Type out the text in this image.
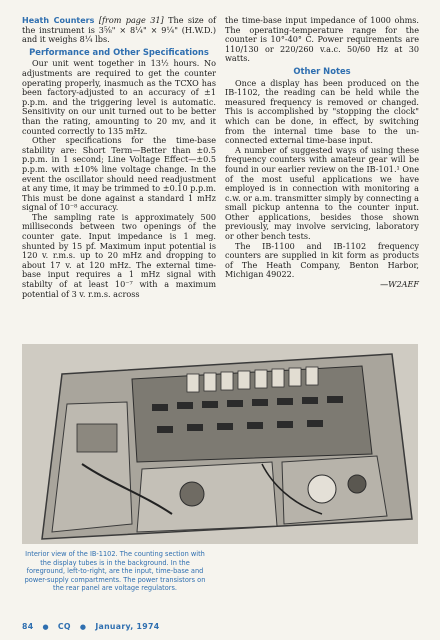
Heath Counters [from page 31] The size of the instrument is 3⅝" × 8¼" × 9¼" (H.W.D.) and it weighs 8¼ lbs.

Performance and Other Specifications

Our unit went together in 13½ hours. No adjustments are required to get the counter operating properly, inasmuch as the TCXO has been factory-adjusted to an accuracy of ±1 p.p.m. and the triggering level is automatic. Sensitivity on our unit turned out to be better than the rating, amounting to 20 mv, and it counted correctly to 135 mHz.

Other specifications for the time-base stability are: Short Term—Better than ±0.5 p.p.m. in 1 second; Line Voltage Effect—±0.5 p.p.m. with ±10% line voltage change. In the event the oscillator should need readjustment at any time, it may be trimmed to ±0.10 p.p.m. This must be done against a standard 1 mHz signal of 10⁻⁸ accuracy.

The sampling rate is approximately 500 milliseconds between two openings of the counter gate. Input impedance is 1 meg. shunted by 15 pf. Maximum input potential is 120 v. r.m.s. up to 20 mHz and dropping to about 17 v. at 120 mHz. The external time-base input requires a 1 mHz signal with stabilty of at least 10⁻⁷ with a maximum potential of 3 v. r.m.s. across

the time-base input impedance of 1000 ohms. The operating-temperature range for the counter is 10°-40° C. Power requirements are 110/130 or 220/260 v.a.c. 50/60 Hz at 30 watts.

Other Notes

Once a display has been produced on the IB-1102, the reading can be held while the measured frequency is removed or changed. This is accomplished by "stopping the clock" which can be done, in effect, by switching from the internal time base to the un-connected external time-base input.

A number of suggested ways of using these frequency counters with amateur gear will be found in our earlier review on the IB-101.¹ One of the most useful applications we have employed is in connection with monitoring a c.w. or a.m. transmitter simply by connecting a small pickup antenna to the counter input. Other applications, besides those shown previously, may involve servicing, laboratory or other bench tests.

The IB-1100 and IB-1102 frequency counters are supplied in kit form as products of The Heath Company, Benton Harbor, Michigan 49022.

—W2AEF

Interior view of the IB-1102. The counting section with the display tubes is in the background. In the foreground, left-to-right, are the input, time-base and power-supply compartments. The power transistors on the rear panel are voltage regulators.
84 ● CQ ● January, 1974
